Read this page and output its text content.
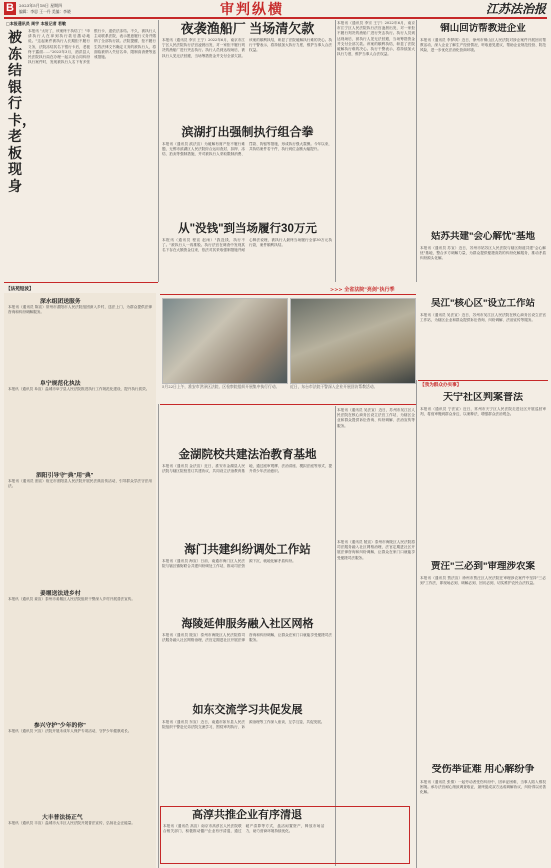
B	2023年5月18日 星期四
编辑：李思 王一丹 美编：李晓	审判纵横	江苏法治报
□本报通讯员 周宇 本报记者 若敏
被冻结银行卡，老板现身
本报讯 "太好了，该案终于执结了！"申请执行人在拿到执行款后激动地说。"这起案件被执行人长期拒不履行义务，法院冻结其名下银行卡后，老板终于露面……"2023年3月，泗洪县人民法院执行局在办理一起买卖合同纠纷执行案件时，发现被执行人名下有多张银行卡，遂依法冻结。不久，被执行人主动联系法院，表示愿意履行义务并缴纳了全部执行款。法院提醒，拒不履行生效法律文书确定义务的被执行人，将面临被纳入失信名单、限制高消费等惩戒措施。
夜袭渔船厂 当场清欠款
本报讯（通讯员 李宗 王宁）2022年6月，南京市江宁区人民法院执行法官凌晨出发，对一家拒不履行判决的渔船厂进行突击执行。执行人员到达现场后，被执行人见无法回避，当场筹措资金并支付全部欠款。该案的顺利执结，彰显了法院破解执行难的决心。执行干警表示，将持续加大执行力度，维护当事人合法权益。
滨湖打出强制执行组合拳
本报讯（通讯员 滨法宣）为破解有财产拒不履行难题，无锡市滨湖区人民法院综合运用查封、扣押、冻结、拍卖等强制措施，并对被执行人采取限制消费、罚款、拘留等措施，形成执行强大震慑。今年以来，共执结案件若干件，执行到位金额大幅提升。
从"没钱"到当场履行30万元
本报讯（通讯员 程宣 赵雨）"我没钱，执行不了。"被执行人一再推脱。执行法官在调查中发现其名下存在大额资金往来，依法对其采取强制措施并耐心释法说理，被执行人最终当场履行全部30万元执行款，案件顺利执结。
本报讯（通讯员 李宗 王宁）2022年6月，南京市江宁区人民法院执行法官凌晨出发，对一家拒不履行判决的渔船厂进行突击执行。执行人员到达现场后，被执行人见无法回避，当场筹措资金并支付全部欠款。该案的顺利执结，彰显了法院破解执行难的决心。执行干警表示，将持续加大执行力度，维护当事人合法权益。
铜山回访帮教进企业
本报讯（通讯员 李梦琪）近日，徐州市铜山区人民法院对涉企案件开展回访帮教活动，深入企业了解生产经营情况，听取意见建议，帮助企业规范经营、防范风险，进一步优化法治化营商环境。
姑苏共建"会心解忧"基地
本报讯（通讯员 苏宣）近日，苏州市姑苏区人民法院与辖区街道共建"会心解忧"基地，整合多方调解力量，为群众提供便捷高效的纠纷化解服务，推动矛盾纠纷源头化解。
吴江"核心区"设立工作站
本报讯（通讯员 吴法宣）近日，苏州市吴江区人民法院在核心商务区设立法官工作站，为辖区企业和群众提供诉讼咨询、纠纷调解、法治宣传等服务。
>>> 全省法院"亮剑"执行季
5月22日上午，淮安市洪泽区法院、区检察院组织开展集中执行行动。	近日，东台市法院干警深入企业开展回访帮教活动。
【法苑短波】
深水组团送服务
本报讯（通讯员 陈宣）常州市溧阳市人民法院组团深入乡村，送法上门，为群众提供法律咨询和纠纷调解服务。
阜宁规范化执法
本报讯（通讯员 阜宣）盐城市阜宁县人民法院推进执行工作规范化建设，提升执行质效。
泗阳引导守"典"用"典"
本报讯（通讯员 泗宣）宿迁市泗阳县人民法院开展民法典宣传活动，引导群众学法守法用法。
姜堰送法进乡村
本报讯（通讯员 姜宣）泰州市姜堰区人民法院组织干警深入乡村开展普法宣传。
参兴守护"少年的你"
本报讯（通讯员 兴宣）法院开展未成年人保护专项活动，守护少年健康成长。
大丰普法扬正气
本报讯（通讯员 丰宣）盐城市大丰区人民法院开展普法宣传，弘扬社会正能量。
金湖院校共建法治教育基地
本报讯（通讯员 金法宣）近日，淮安市金湖县人民法院与辖区院校签订共建协议，共同设立法治教育基地，通过庭审观摩、法治讲座、模拟法庭等形式，提升青少年法治意识。
本报讯（通讯员 吴法宣）近日，苏州市吴江区人民法院在核心商务区设立法官工作站，为辖区企业和群众提供诉讼咨询、纠纷调解、法治宣传等服务。
海门共建纠纷调处工作站
本报讯（通讯员 海宣）日前，南通市海门区人民法院与辖区镇街联合共建纠纷调处工作站，推动司法资源下沉，就地化解矛盾纠纷。
海陵延伸服务融入社区网格
本报讯（通讯员 陵宣）泰州市海陵区人民法院将司法服务融入社区网格治理，法官定期进社区开展法律咨询和纠纷调解，让群众在家门口就能享受便捷司法服务。
如东交流学习共促发展
本报讯（通讯员 东宣）近日，南通市如东县人民法院组织干警赴兄弟法院交流学习，围绕审判执行、诉源治理等工作深入座谈，互学互鉴，共促发展。
本报讯（通讯员 陵宣）泰州市海陵区人民法院将司法服务融入社区网格治理，法官定期进社区开展法律咨询和纠纷调解，让群众在家门口就能享受便捷司法服务。
高淳共推企业有序清退
本报讯（通讯员 高宣）南京市高淳区人民法院联合相关部门，积极推动僵尸企业有序清退，通过破产清算等方式，盘活闲置资产，释放市场活力，助力营商环境持续优化。
【我为群众办实事】
天宁社区判案普法
本报讯（通讯员 宁法宣）近日，常州市天宁区人民法院走进社区开展巡回审判，将庭审搬到群众身边，以案释法，增强群众法治观念。
贾汪"三必到"审理涉农案
本报讯（通讯员 贾法宣）徐州市贾汪区人民法院在审理涉农案件中坚持"三必到"工作法，即现场必到、调解必到、回访必到，切实维护农民合法权益。
受伤举证难 用心解纷争
本报讯（通讯员 张倩）一起劳动者受伤纠纷中，因举证困难，当事人陷入维权困境。承办法官耐心细致调查取证，最终促成双方达成调解协议，纠纷得以妥善化解。
